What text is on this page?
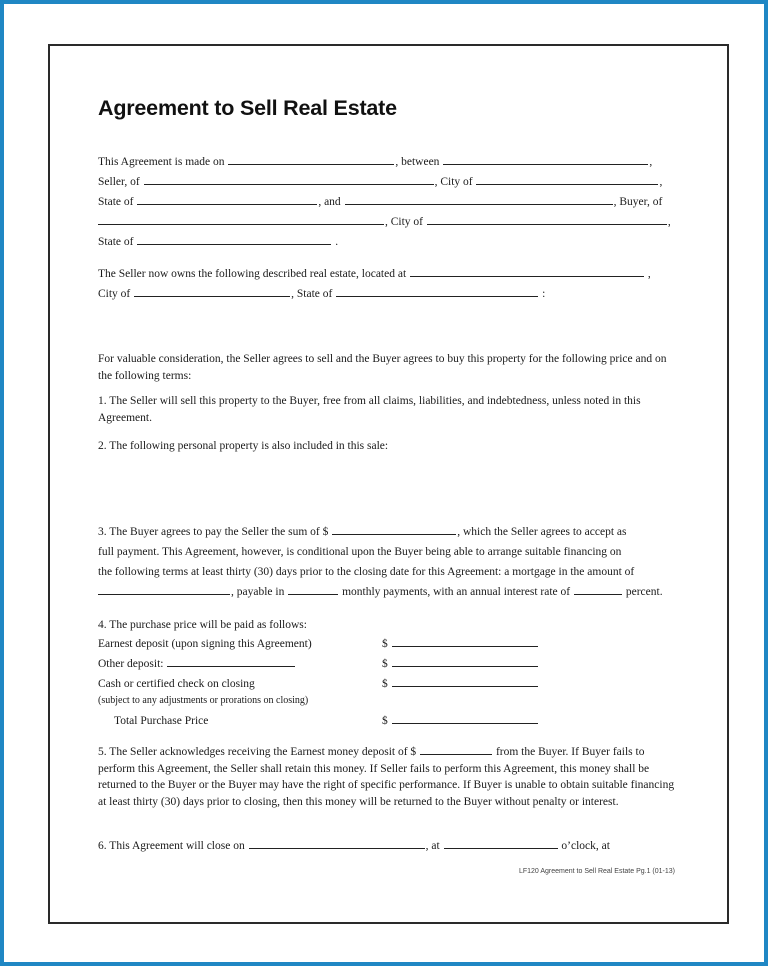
Agreement to Sell Real Estate
This Agreement is made on	, between	,
Seller, of	, City of	,
State of	, and	, Buyer, of
, City of	,
State of	.
The Seller now owns the following described real estate, located at	,
City of	, State of	:
For valuable consideration, the Seller agrees to sell and the Buyer agrees to buy this property for the following price and on the following terms:
1. The Seller will sell this property to the Buyer, free from all claims, liabilities, and indebtedness, unless noted in this Agreement.
2. The following personal property is also included in this sale:
3. The Buyer agrees to pay the Seller the sum of $	, which the Seller agrees to accept as
full payment. This Agreement, however, is conditional upon the Buyer being able to arrange suitable financing on
the following terms at least thirty (30) days prior to the closing date for this Agreement: a mortgage in the amount of
, payable in	monthly payments, with an annual interest rate of	percent.
4. The purchase price will be paid as follows:
Earnest deposit (upon signing this Agreement)	$
Other deposit:	$
Cash or certified check on closing	$
(subject to any adjustments or prorations on closing)
Total Purchase Price	$
5. The Seller acknowledges receiving the Earnest money deposit of $	from the Buyer. If Buyer fails to perform this Agreement, the Seller shall retain this money. If Seller fails to perform this Agreement, this money shall be returned to the Buyer or the Buyer may have the right of specific performance. If Buyer is unable to obtain suitable financing at least thirty (30) days prior to closing, then this money will be returned to the Buyer without penalty or interest.
6. This Agreement will close on	, at	o’clock, at
LF120 Agreement to Sell Real Estate Pg.1 (01-13)
